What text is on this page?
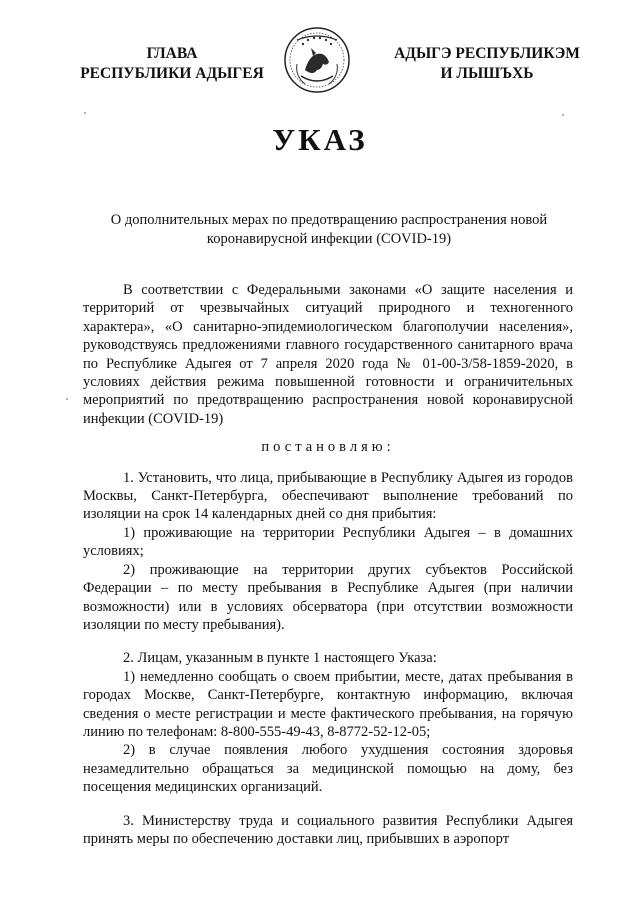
ГЛАВА
РЕСПУБЛИКИ АДЫГЕЯ
АДЫГЭ РЕСПУБЛИКЭМ
И ЛЫШЪХЬ
УКАЗ
О дополнительных мерах по предотвращению распространения новой
коронавирусной инфекции (COVID-19)

В соответствии с Федеральными законами «О защите населения и территорий от чрезвычайных ситуаций природного и техногенного характера», «О санитарно-эпидемиологическом благополучии населения», руководствуясь предложениями главного государственного санитарного врача по Республике Адыгея от 7 апреля 2020 года № 01-00-3/58-1859-2020, в условиях действия режима повышенной готовности и ограничительных мероприятий по предотвращению распространения новой коронавирусной инфекции (COVID-19)

постановляю:

1. Установить, что лица, прибывающие в Республику Адыгея из городов Москвы, Санкт-Петербурга, обеспечивают выполнение требований по изоляции на срок 14 календарных дней со дня прибытия:

1) проживающие на территории Республики Адыгея – в домашних условиях;

2) проживающие на территории других субъектов Российской Федерации – по месту пребывания в Республике Адыгея (при наличии возможности) или в условиях обсерватора (при отсутствии возможности изоляции по месту пребывания).

2. Лицам, указанным в пункте 1 настоящего Указа:

1) немедленно сообщать о своем прибытии, месте, датах пребывания в городах Москве, Санкт-Петербурге, контактную информацию, включая сведения о месте регистрации и месте фактического пребывания, на горячую линию по телефонам: 8-800-555-49-43, 8-8772-52-12-05;

2) в случае появления любого ухудшения состояния здоровья незамедлительно обращаться за медицинской помощью на дому, без посещения медицинских организаций.

3. Министерству труда и социального развития Республики Адыгея принять меры по обеспечению доставки лиц, прибывших в аэропорт
